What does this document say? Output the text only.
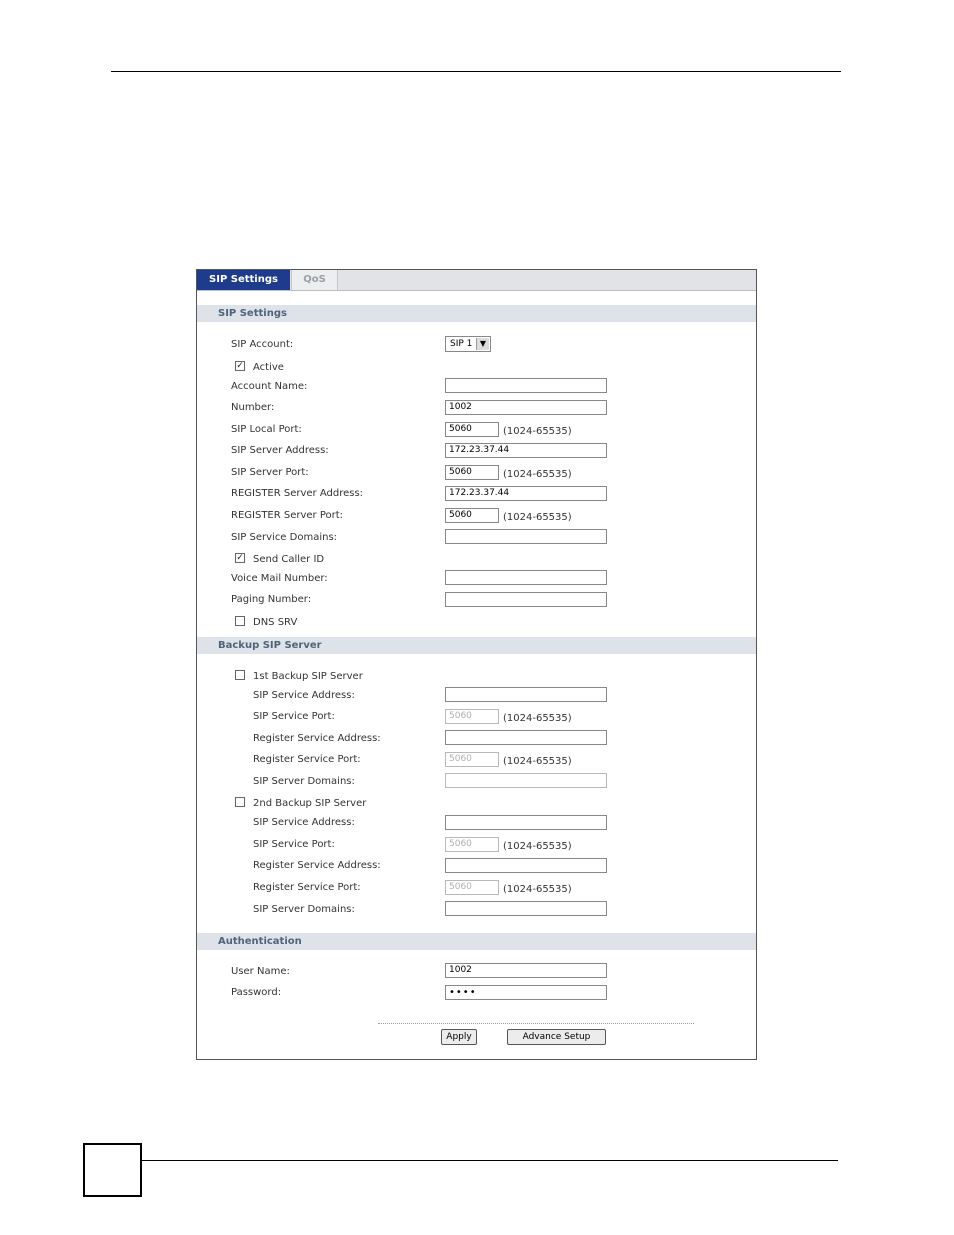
SIP Settings	QoS
SIP Settings
SIP Account:	SIP 1 ▼
✓ Active
Account Name:
Number:	1002
SIP Local Port:	5060	(1024-65535)
SIP Server Address:	172.23.37.44
SIP Server Port:	5060	(1024-65535)
REGISTER Server Address:	172.23.37.44
REGISTER Server Port:	5060	(1024-65535)
SIP Service Domains:
✓ Send Caller ID
Voice Mail Number:
Paging Number:
DNS SRV
Backup SIP Server
1st Backup SIP Server
SIP Service Address:
SIP Service Port:	5060	(1024-65535)
Register Service Address:
Register Service Port:	5060	(1024-65535)
SIP Server Domains:
2nd Backup SIP Server
SIP Service Address:
SIP Service Port:	5060	(1024-65535)
Register Service Address:
Register Service Port:	5060	(1024-65535)
SIP Server Domains:
Authentication
User Name:	1002
Password:	••••
Apply	Advance Setup
